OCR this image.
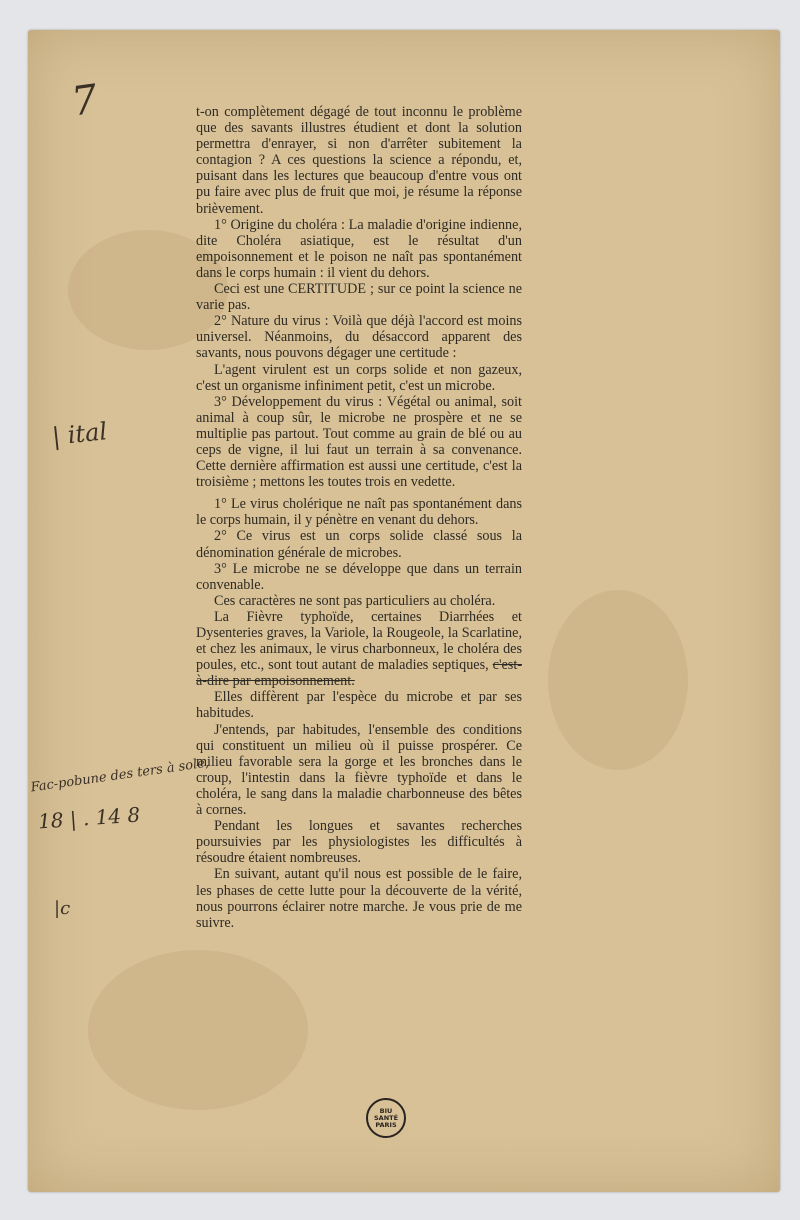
7
| ital
Fac-pobune des ters à sole,
18 | . 14 8
|c

t-on complètement dégagé de tout inconnu le problème que des savants illustres étudient et dont la solution permettra d'enrayer, si non d'arrêter subitement la contagion ? A ces questions la science a répondu, et, puisant dans les lectures que beaucoup d'entre vous ont pu faire avec plus de fruit que moi, je résume la réponse brièvement.

1° Origine du choléra : La maladie d'origine indienne, dite Choléra asiatique, est le résultat d'un empoisonnement et le poison ne naît pas spontanément dans le corps humain : il vient du dehors.

Ceci est une CERTITUDE ; sur ce point la science ne varie pas.

2° Nature du virus : Voilà que déjà l'accord est moins universel. Néanmoins, du désaccord apparent des savants, nous pouvons dégager une certitude :

L'agent virulent est un corps solide et non gazeux, c'est un organisme infiniment petit, c'est un microbe.

3° Développement du virus : Végétal ou animal, soit animal à coup sûr, le microbe ne prospère et ne se multiplie pas partout. Tout comme au grain de blé ou au ceps de vigne, il lui faut un terrain à sa convenance. Cette dernière affirmation est aussi une certitude, c'est la troisième ; mettons les toutes trois en vedette.

1° Le virus cholérique ne naît pas spontanément dans le corps humain, il y pénètre en venant du dehors.

2° Ce virus est un corps solide classé sous la dénomination générale de microbes.

3° Le microbe ne se développe que dans un terrain convenable.

Ces caractères ne sont pas particuliers au choléra.

La Fièvre typhoïde, certaines Diarrhées et Dysenteries graves, la Variole, la Rougeole, la Scarlatine, et chez les animaux, le virus charbonneux, le choléra des poules, etc., sont tout autant de maladies septiques, c'est-à-dire par empoisonnement.

Elles diffèrent par l'espèce du microbe et par ses habitudes.

J'entends, par habitudes, l'ensemble des conditions qui constituent un milieu où il puisse prospérer. Ce milieu favorable sera la gorge et les bronches dans le croup, l'intestin dans la fièvre typhoïde et dans le choléra, le sang dans la maladie charbonneuse des bêtes à cornes.

Pendant les longues et savantes recherches poursuivies par les physiologistes les difficultés à résoudre étaient nombreuses.

En suivant, autant qu'il nous est possible de le faire, les phases de cette lutte pour la découverte de la vérité, nous pourrons éclairer notre marche. Je vous prie de me suivre.

BIU
SANTÉ
PARIS
